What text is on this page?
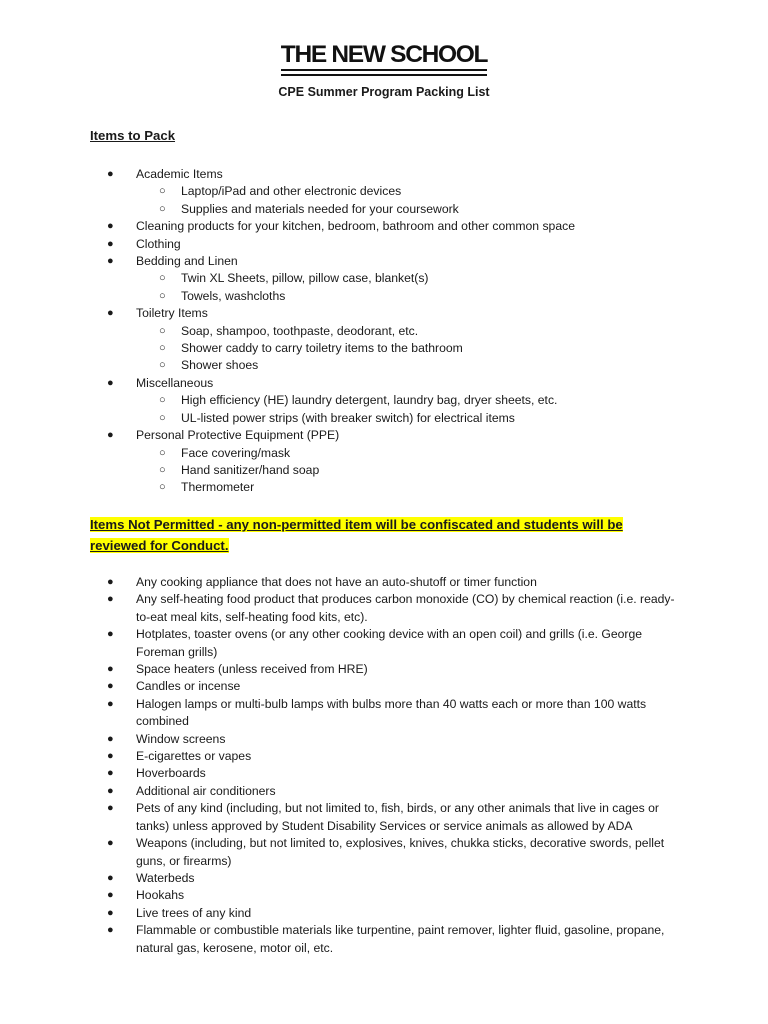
THE NEW SCHOOL
CPE Summer Program Packing List
Items to Pack
● Academic Items
○ Laptop/iPad and other electronic devices
○ Supplies and materials needed for your coursework
● Cleaning products for your kitchen, bedroom, bathroom and other common space
● Clothing
● Bedding and Linen
○ Twin XL Sheets, pillow, pillow case, blanket(s)
○ Towels, washcloths
● Toiletry Items
○ Soap, shampoo, toothpaste, deodorant, etc.
○ Shower caddy to carry toiletry items to the bathroom
○ Shower shoes
● Miscellaneous
○ High efficiency (HE) laundry detergent, laundry bag, dryer sheets, etc.
○ UL-listed power strips (with breaker switch) for electrical items
● Personal Protective Equipment (PPE)
○ Face covering/mask
○ Hand sanitizer/hand soap
○ Thermometer
Items Not Permitted - any non-permitted item will be confiscated and students will be reviewed for Conduct.
● Any cooking appliance that does not have an auto-shutoff or timer function
● Any self-heating food product that produces carbon monoxide (CO) by chemical reaction (i.e. ready-to-eat meal kits, self-heating food kits, etc).
● Hotplates, toaster ovens (or any other cooking device with an open coil) and grills (i.e. George Foreman grills)
● Space heaters (unless received from HRE)
● Candles or incense
● Halogen lamps or multi-bulb lamps with bulbs more than 40 watts each or more than 100 watts combined
● Window screens
● E-cigarettes or vapes
● Hoverboards
● Additional air conditioners
● Pets of any kind (including, but not limited to, fish, birds, or any other animals that live in cages or tanks) unless approved by Student Disability Services or service animals as allowed by ADA
● Weapons (including, but not limited to, explosives, knives, chukka sticks, decorative swords, pellet guns, or firearms)
● Waterbeds
● Hookahs
● Live trees of any kind
● Flammable or combustible materials like turpentine, paint remover, lighter fluid, gasoline, propane, natural gas, kerosene, motor oil, etc.
